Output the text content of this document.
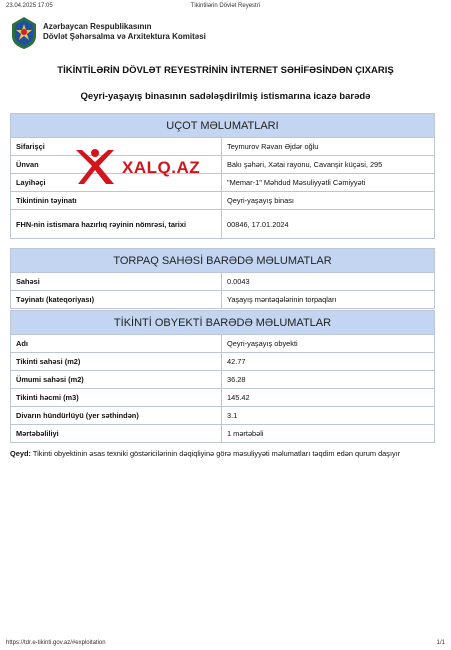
23.04.2025 17:05	Tikintilərin Dövlət Reyestri
Azərbaycan Respublikasının
Dövlət Şəhərsalma və Arxitektura Komitəsi
TİKİNTİLƏRİN DÖVLƏT REYESTRİNİN İNTERNET SƏHİFƏSİNDƏN ÇIXARIŞ
Qeyri-yaşayış binasının sadələşdirilmiş istismarına icazə barədə
UÇOT MƏLUMATLARI	
Sifarişçi	Teymurov Rəvan Əjdər oğlu
Ünvan	Bakı şəhəri, Xətai rayonu, Cavanşir küçəsi, 295
Layihəçi	"Memar-1" Məhdud Məsuliyyətli Cəmiyyəti
Tikintinin təyinatı	Qeyri-yaşayış binası
FHN-nin istismara hazırlıq rəyinin nömrəsi, tarixi	00846, 17.01.2024
TORPAQ SAHƏSİ BARƏDƏ MƏLUMATLAR	
Sahəsi	0.0043
Təyinatı (kateqoriyası)	Yaşayış məntəqələrinin torpaqları
TİKİNTİ OBYEKTİ BARƏDƏ MƏLUMATLAR	
Adı	Qeyri-yaşayış obyekti
Tikinti sahəsi (m2)	42.77
Ümumi sahəsi (m2)	36.28
Tikinti həcmi (m3)	145.42
Divarın hündürlüyü (yer səthindən)	3.1
Mərtəbəliliyi	1 mərtəbəli
XALQ.AZ
Qeyd: Tikinti obyektinin əsas texniki göstəricilərinin dəqiqliyinə görə məsuliyyəti məlumatları təqdim edən qurum daşıyır
https://tdr.e-tikinti.gov.az/#exploitation	1/1
